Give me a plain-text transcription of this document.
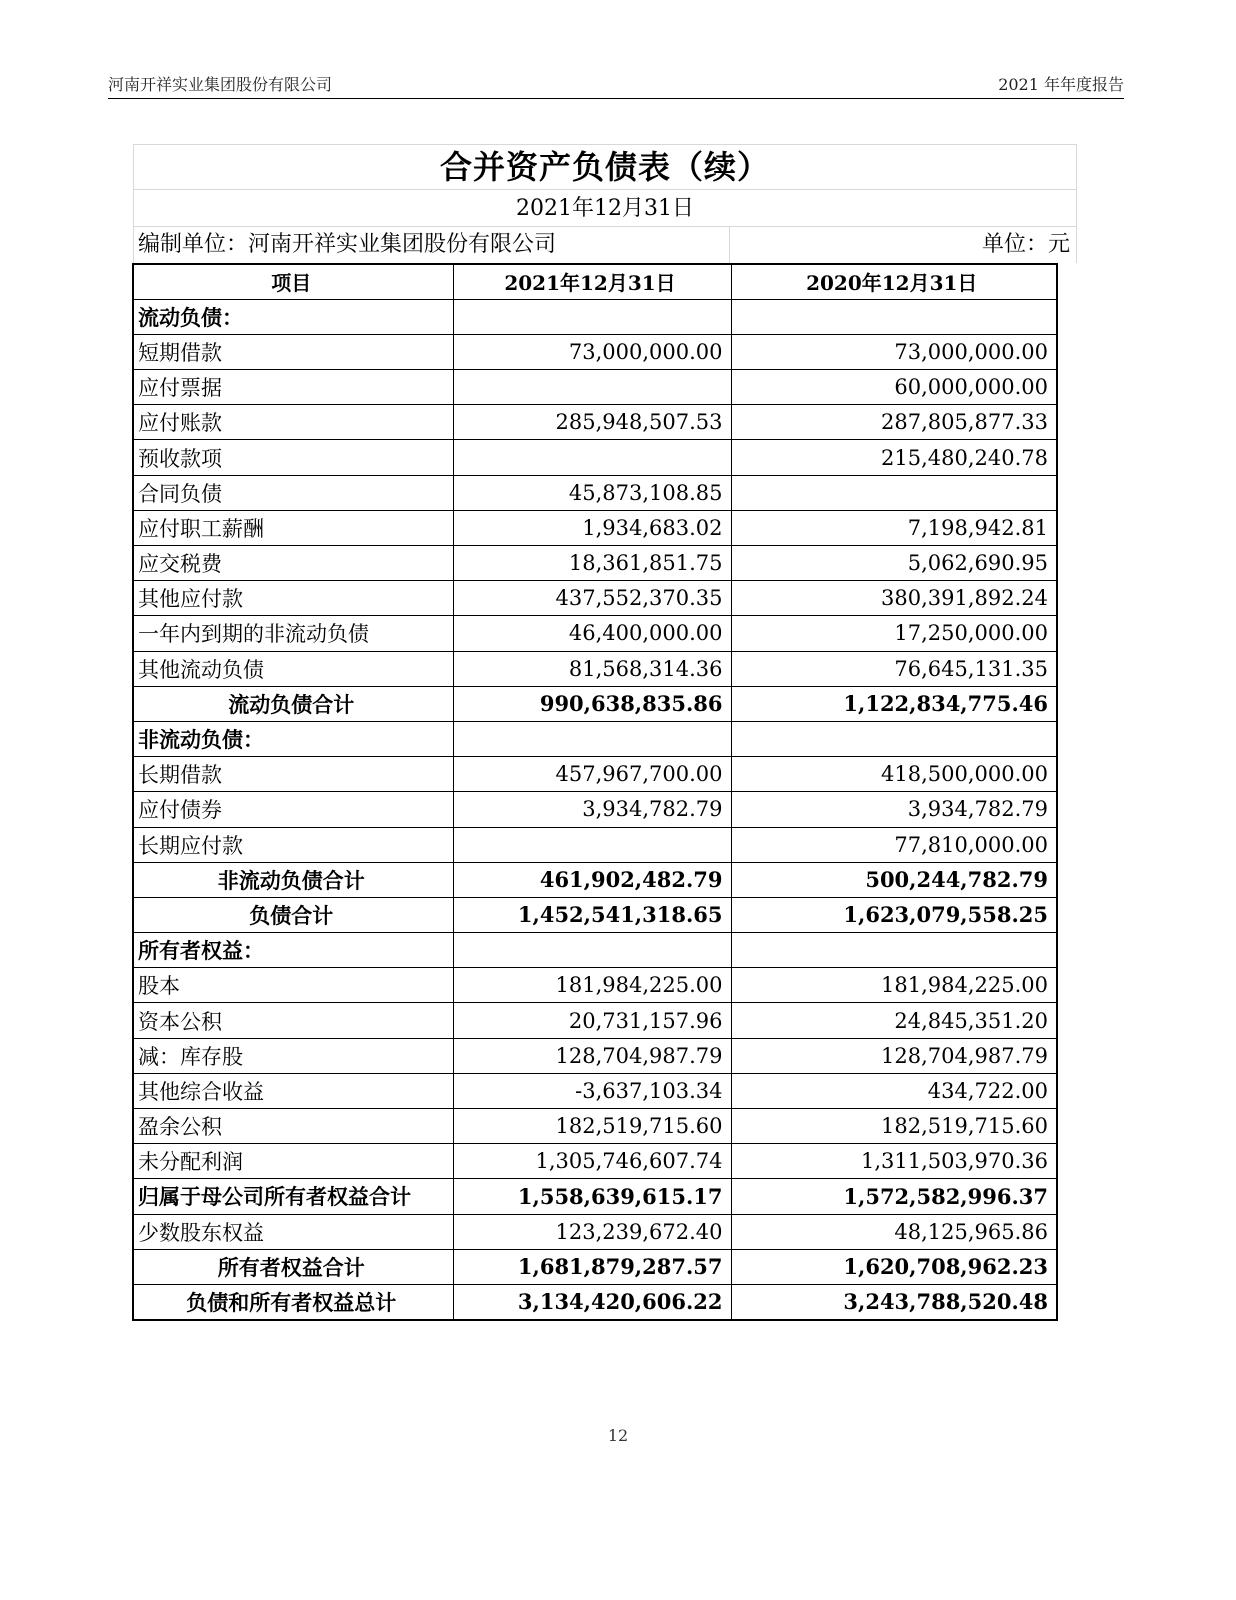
河南开祥实业集团股份有限公司	2021 年年度报告
合并资产负债表（续）
2021年12月31日
编制单位：河南开祥实业集团股份有限公司	单位：元
项目	2021年12月31日	2020年12月31日
流动负债：		
短期借款	73,000,000.00	73,000,000.00
应付票据		60,000,000.00
应付账款	285,948,507.53	287,805,877.33
预收款项		215,480,240.78
合同负债	45,873,108.85	
应付职工薪酬	1,934,683.02	7,198,942.81
应交税费	18,361,851.75	5,062,690.95
其他应付款	437,552,370.35	380,391,892.24
一年内到期的非流动负债	46,400,000.00	17,250,000.00
其他流动负债	81,568,314.36	76,645,131.35
流动负债合计	990,638,835.86	1,122,834,775.46
非流动负债：		
长期借款	457,967,700.00	418,500,000.00
应付债券	3,934,782.79	3,934,782.79
长期应付款		77,810,000.00
非流动负债合计	461,902,482.79	500,244,782.79
负债合计	1,452,541,318.65	1,623,079,558.25
所有者权益：		
股本	181,984,225.00	181,984,225.00
资本公积	20,731,157.96	24,845,351.20
减：库存股	128,704,987.79	128,704,987.79
其他综合收益	-3,637,103.34	434,722.00
盈余公积	182,519,715.60	182,519,715.60
未分配利润	1,305,746,607.74	1,311,503,970.36
归属于母公司所有者权益合计	1,558,639,615.17	1,572,582,996.37
少数股东权益	123,239,672.40	48,125,965.86
所有者权益合计	1,681,879,287.57	1,620,708,962.23
负债和所有者权益总计	3,134,420,606.22	3,243,788,520.48
12
